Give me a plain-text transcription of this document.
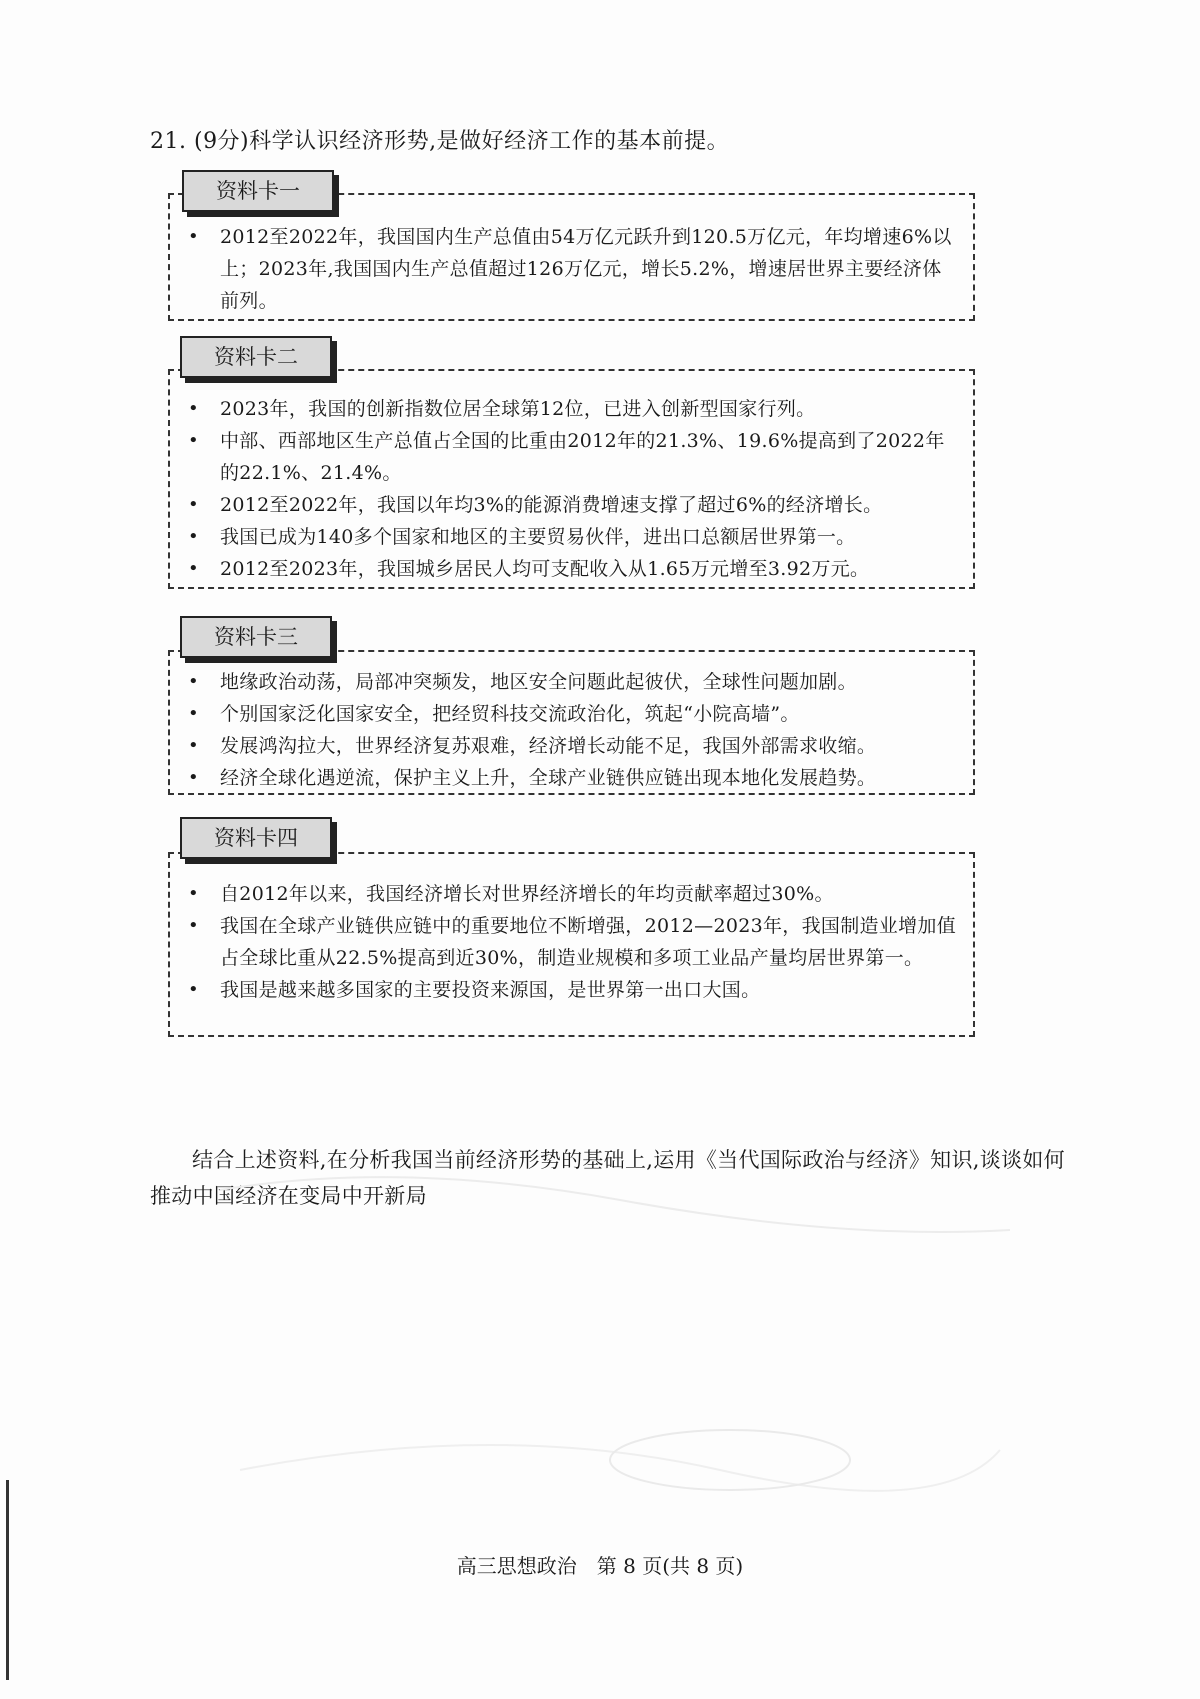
21. (9分)科学认识经济形势,是做好经济工作的基本前提。
资料卡一
• 2012至2022年，我国国内生产总值由54万亿元跃升到120.5万亿元，年均增速6%以上；2023年,我国国内生产总值超过126万亿元，增长5.2%，增速居世界主要经济体前列。
资料卡二
• 2023年，我国的创新指数位居全球第12位，已进入创新型国家行列。
• 中部、西部地区生产总值占全国的比重由2012年的21.3%、19.6%提高到了2022年的22.1%、21.4%。
• 2012至2022年，我国以年均3%的能源消费增速支撑了超过6%的经济增长。
• 我国已成为140多个国家和地区的主要贸易伙伴，进出口总额居世界第一。
• 2012至2023年，我国城乡居民人均可支配收入从1.65万元增至3.92万元。
资料卡三
• 地缘政治动荡，局部冲突频发，地区安全问题此起彼伏，全球性问题加剧。
• 个别国家泛化国家安全，把经贸科技交流政治化，筑起“小院高墙”。
• 发展鸿沟拉大，世界经济复苏艰难，经济增长动能不足，我国外部需求收缩。
• 经济全球化遇逆流，保护主义上升，全球产业链供应链出现本地化发展趋势。
资料卡四
• 自2012年以来，我国经济增长对世界经济增长的年均贡献率超过30%。
• 我国在全球产业链供应链中的重要地位不断增强，2012—2023年，我国制造业增加值占全球比重从22.5%提高到近30%，制造业规模和多项工业品产量均居世界第一。
• 我国是越来越多国家的主要投资来源国，是世界第一出口大国。
结合上述资料,在分析我国当前经济形势的基础上,运用《当代国际政治与经济》知识,谈谈如何推动中国经济在变局中开新局
高三思想政治　第 8 页(共 8 页)
